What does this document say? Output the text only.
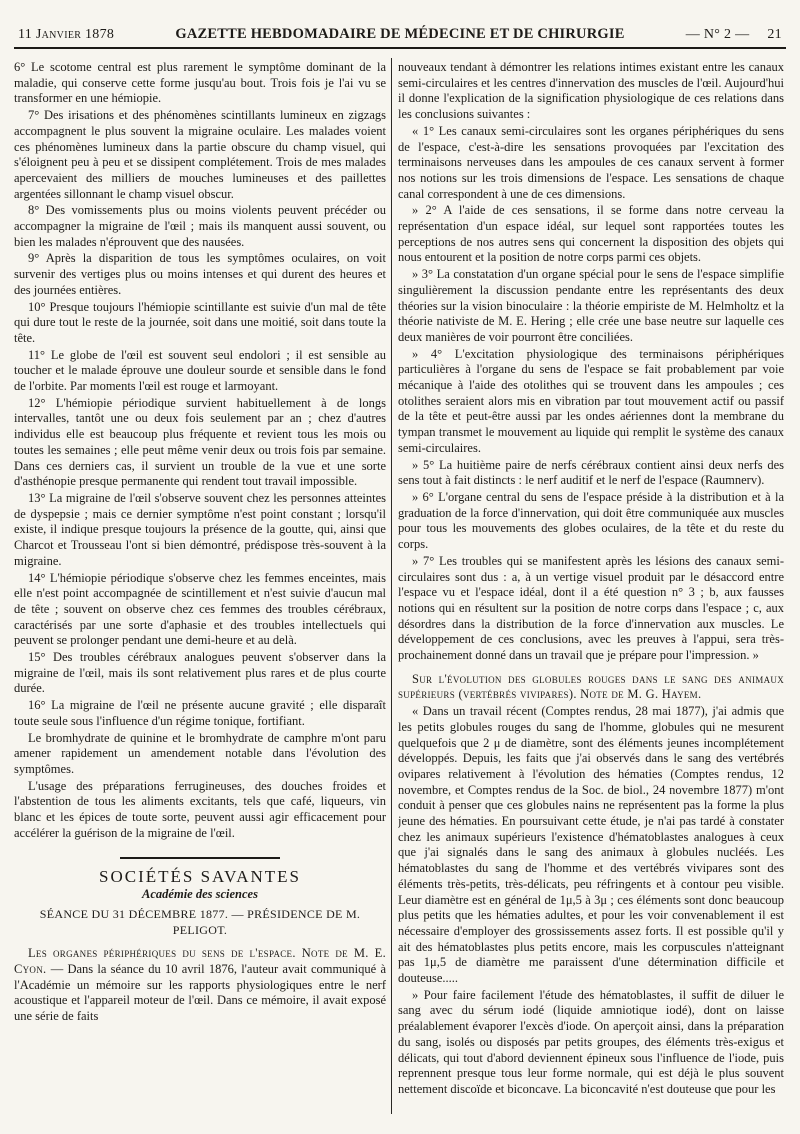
11 Janvier 1878	GAZETTE HEBDOMADAIRE DE MÉDECINE ET DE CHIRURGIE	— N° 2 — 21

6° Le scotome central est plus rarement le symptôme dominant de la maladie, qui conserve cette forme jusqu'au bout. Trois fois je l'ai vu se transformer en une hémiopie.

7° Des irisations et des phénomènes scintillants lumineux en zigzags accompagnent le plus souvent la migraine oculaire. Les malades voient ces phénomènes lumineux dans la partie obscure du champ visuel, qui s'éloignent peu à peu et se dissipent complétement. Trois de mes malades apercevaient des milliers de mouches lumineuses et des paillettes argentées sillonnant le champ visuel obscur.

8° Des vomissements plus ou moins violents peuvent précéder ou accompagner la migraine de l'œil ; mais ils manquent aussi souvent, ou bien les malades n'éprouvent que des nausées.

9° Après la disparition de tous les symptômes oculaires, on voit survenir des vertiges plus ou moins intenses et qui durent des heures et des journées entières.

10° Presque toujours l'hémiopie scintillante est suivie d'un mal de tête qui dure tout le reste de la journée, soit dans une moitié, soit dans toute la tête.

11° Le globe de l'œil est souvent seul endolori ; il est sensible au toucher et le malade éprouve une douleur sourde et sensible dans le fond de l'orbite. Par moments l'œil est rouge et larmoyant.

12° L'hémiopie périodique survient habituellement à de longs intervalles, tantôt une ou deux fois seulement par an ; chez d'autres individus elle est beaucoup plus fréquente et revient tous les mois ou toutes les semaines ; elle peut même venir deux ou trois fois par semaine. Dans ces derniers cas, il survient un trouble de la vue et une sorte d'asthénopie presque permanente qui rendent tout travail impossible.

13° La migraine de l'œil s'observe souvent chez les personnes atteintes de dyspepsie ; mais ce dernier symptôme n'est point constant ; lorsqu'il existe, il indique presque toujours la présence de la goutte, qui, ainsi que Charcot et Trousseau l'ont si bien démontré, prédispose très-souvent à la migraine.

14° L'hémiopie périodique s'observe chez les femmes enceintes, mais elle n'est point accompagnée de scintillement et n'est suivie d'aucun mal de tête ; souvent on observe chez ces femmes des troubles cérébraux, caractérisés par une sorte d'aphasie et des troubles intellectuels qui peuvent se prolonger pendant une demi-heure et au delà.

15° Des troubles cérébraux analogues peuvent s'observer dans la migraine de l'œil, mais ils sont relativement plus rares et de plus courte durée.

16° La migraine de l'œil ne présente aucune gravité ; elle disparaît toute seule sous l'influence d'un régime tonique, fortifiant.

Le bromhydrate de quinine et le bromhydrate de camphre m'ont paru amener rapidement un amendement notable dans l'évolution des symptômes.

L'usage des préparations ferrugineuses, des douches froides et l'abstention de tous les aliments excitants, tels que café, liqueurs, vin blanc et les épices de toute sorte, peuvent aussi agir efficacement pour accélérer la guérison de la migraine de l'œil.

SOCIÉTÉS SAVANTES
Académie des sciences
SÉANCE DU 31 DÉCEMBRE 1877. — PRÉSIDENCE DE M. PELIGOT.

Les organes périphériques du sens de l'espace. Note de M. E. Cyon. — Dans la séance du 10 avril 1876, l'auteur avait communiqué à l'Académie un mémoire sur les rapports physiologiques entre le nerf acoustique et l'appareil moteur de l'œil. Dans ce mémoire, il avait exposé une série de faits

nouveaux tendant à démontrer les relations intimes existant entre les canaux semi-circulaires et les centres d'innervation des muscles de l'œil. Aujourd'hui il donne l'explication de la signification physiologique de ces relations dans les conclusions suivantes :

« 1° Les canaux semi-circulaires sont les organes périphériques du sens de l'espace, c'est-à-dire les sensations provoquées par l'excitation des terminaisons nerveuses dans les ampoules de ces canaux servent à former nos notions sur les trois dimensions de l'espace. Les sensations de chaque canal correspondent à une de ces dimensions.

» 2° A l'aide de ces sensations, il se forme dans notre cerveau la représentation d'un espace idéal, sur lequel sont rapportées toutes les perceptions de nos autres sens qui concernent la disposition des objets qui nous entourent et la position de notre corps parmi ces objets.

» 3° La constatation d'un organe spécial pour le sens de l'espace simplifie singulièrement la discussion pendante entre les représentants des deux théories sur la vision binoculaire : la théorie empiriste de M. Helmholtz et la théorie nativiste de M. E. Hering ; elle crée une base neutre sur laquelle ces deux manières de voir pourront être conciliées.

» 4° L'excitation physiologique des terminaisons périphériques particulières à l'organe du sens de l'espace se fait probablement par voie mécanique à l'aide des otolithes qui se trouvent dans les ampoules ; ces otolithes seraient alors mis en vibration par tout mouvement actif ou passif de la tête et peut-être aussi par les ondes aériennes dont la membrane du tympan transmet le mouvement au liquide qui remplit le système des canaux semi-circulaires.

» 5° La huitième paire de nerfs cérébraux contient ainsi deux nerfs des sens tout à fait distincts : le nerf auditif et le nerf de l'espace (Raumnerv).

» 6° L'organe central du sens de l'espace préside à la distribution et à la graduation de la force d'innervation, qui doit être communiquée aux muscles pour tous les mouvements des globes oculaires, de la tête et du reste du corps.

» 7° Les troubles qui se manifestent après les lésions des canaux semi-circulaires sont dus : a, à un vertige visuel produit par le désaccord entre l'espace vu et l'espace idéal, dont il a été question n° 3 ; b, aux fausses notions qui en résultent sur la position de notre corps dans l'espace ; c, aux désordres dans la distribution de la force d'innervation aux muscles. Le développement de ces conclusions, avec les preuves à l'appui, sera très-prochainement donné dans un travail que je prépare pour l'impression. »

Sur l'évolution des globules rouges dans le sang des animaux supérieurs (vertébrés vivipares). Note de M. G. Hayem.

« Dans un travail récent (Comptes rendus, 28 mai 1877), j'ai admis que les petits globules rouges du sang de l'homme, globules qui ne mesurent quelquefois que 2 μ de diamètre, sont des éléments jeunes incomplétement développés. Depuis, les faits que j'ai observés dans le sang des vertébrés ovipares relativement à l'évolution des hématies (Comptes rendus, 12 novembre, et Comptes rendus de la Soc. de biol., 24 novembre 1877) m'ont conduit à penser que ces globules nains ne représentent pas la forme la plus jeune des hématies. En poursuivant cette étude, je n'ai pas tardé à constater chez les animaux supérieurs l'existence d'hématoblastes analogues à ceux que j'ai signalés dans le sang des animaux à globules nucléés. Les hématoblastes du sang de l'homme et des vertébrés vivipares sont des éléments très-petits, très-délicats, peu réfringents et à contour peu visible. Leur diamètre est en général de 1μ,5 à 3μ ; ces éléments sont donc beaucoup plus petits que les hématies adultes, et pour les voir convenablement il est nécessaire d'employer des grossissements assez forts. Il est possible qu'il y ait des hématoblastes plus petits encore, mais les corpuscules n'atteignant pas 1μ,5 de diamètre me paraissent d'une détermination difficile et douteuse.....

» Pour faire facilement l'étude des hématoblastes, il suffit de diluer le sang avec du sérum iodé (liquide amniotique iodé), dont on laisse préalablement évaporer l'excès d'iode. On aperçoit ainsi, dans la préparation du sang, isolés ou disposés par petits groupes, des éléments très-exigus et délicats, qui tout d'abord deviennent épineux sous l'influence de l'iode, puis reprennent presque tous leur forme normale, qui est déjà le plus souvent nettement discoïde et biconcave. La biconcavité n'est douteuse que pour les
